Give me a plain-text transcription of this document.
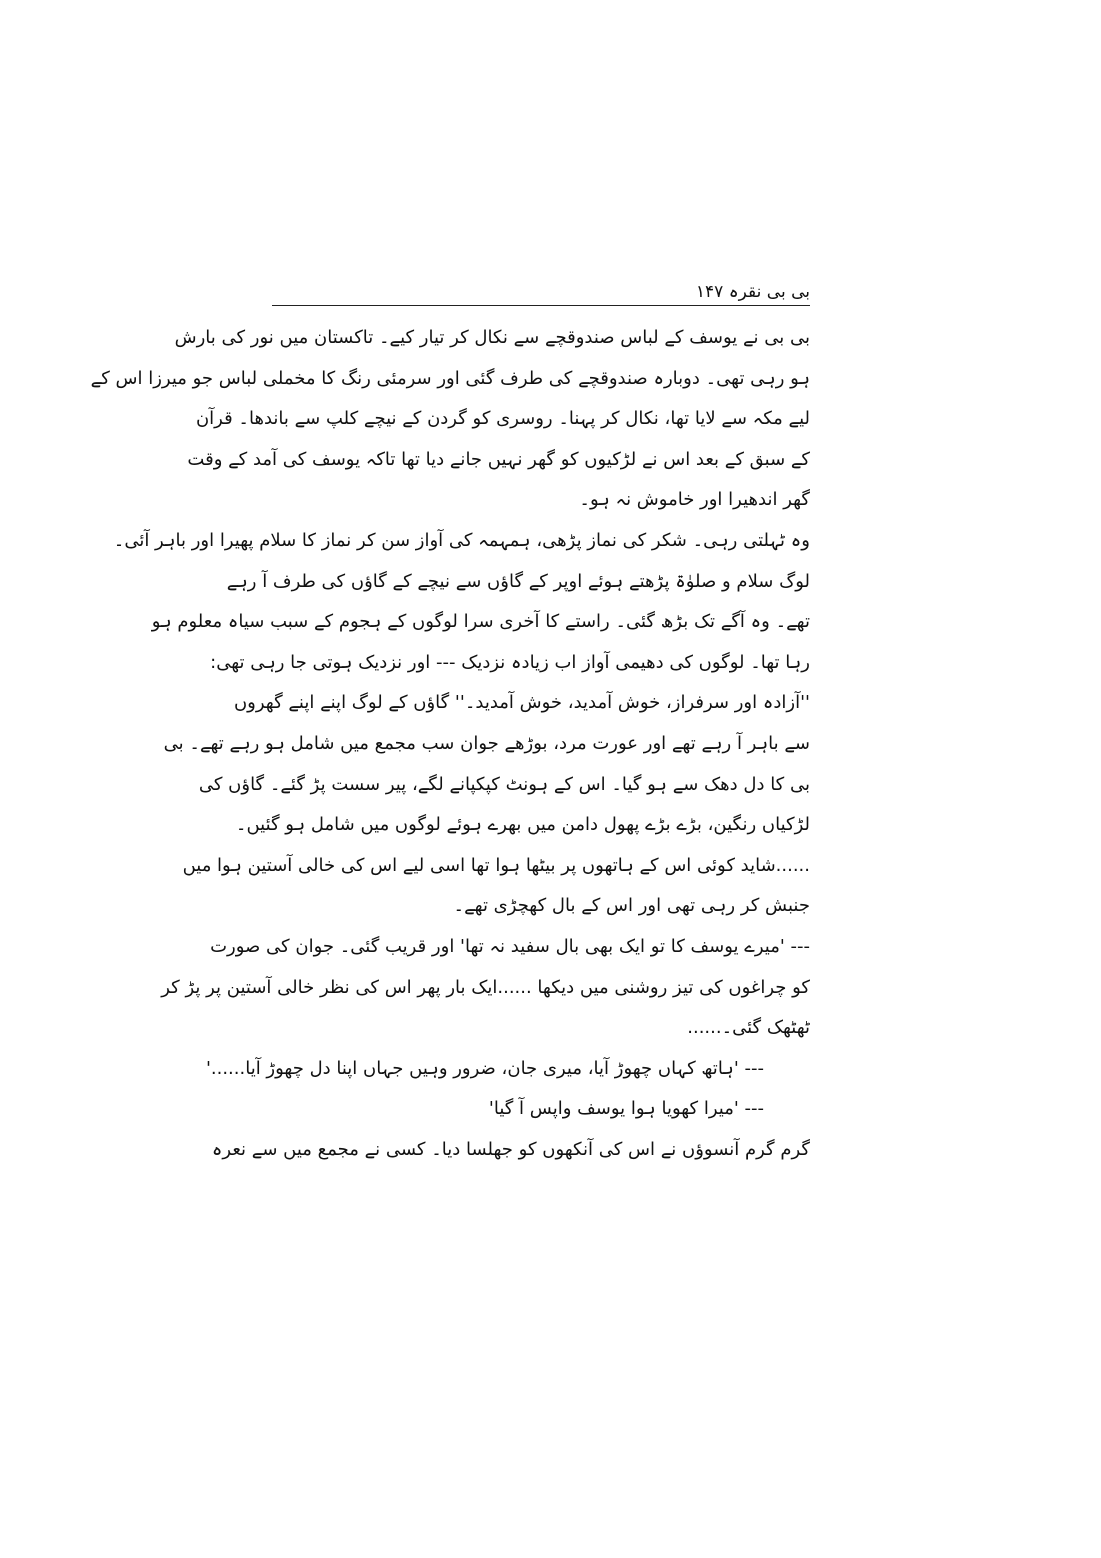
بی بی نقرہ ۱۴۷
بی بی نے یوسف کے لباس صندوقچے سے نکال کر تیار کیے۔ تاکستان میں نور کی بارش
ہو رہی تھی۔ دوبارہ صندوقچے کی طرف گئی اور سرمئی رنگ کا مخملی لباس جو میرزا اس کے
لیے مکہ سے لایا تھا، نکال کر پہنا۔ روسری کو گردن کے نیچے کلپ سے باندھا۔ قرآن
کے سبق کے بعد اس نے لڑکیوں کو گھر نہیں جانے دیا تھا تاکہ یوسف کی آمد کے وقت
گھر اندھیرا اور خاموش نہ ہو۔
وہ ٹہلتی رہی۔ شکر کی نماز پڑھی، ہمہمہ کی آواز سن کر نماز کا سلام پھیرا اور باہر آئی۔
لوگ سلام و صلوٰۃ پڑھتے ہوئے اوپر کے گاؤں سے نیچے کے گاؤں کی طرف آ رہے
تھے۔ وہ آگے تک بڑھ گئی۔ راستے کا آخری سرا لوگوں کے ہجوم کے سبب سیاہ معلوم ہو
رہا تھا۔ لوگوں کی دھیمی آواز اب زیادہ نزدیک --- اور نزدیک ہوتی جا رہی تھی:
''آزادہ اور سرفراز، خوش آمدید، خوش آمدید۔'' گاؤں کے لوگ اپنے اپنے گھروں
سے باہر آ رہے تھے اور عورت مرد، بوڑھے جوان سب مجمع میں شامل ہو رہے تھے۔ بی
بی کا دل دھک سے ہو گیا۔ اس کے ہونٹ کپکپانے لگے، پیر سست پڑ گئے۔ گاؤں کی
لڑکیاں رنگین، بڑے بڑے پھول دامن میں بھرے ہوئے لوگوں میں شامل ہو گئیں۔
......شاید کوئی اس کے ہاتھوں پر بیٹھا ہوا تھا اسی لیے اس کی خالی آستین ہوا میں
جنبش کر رہی تھی اور اس کے بال کھچڑی تھے۔
--- 'میرے یوسف کا تو ایک بھی بال سفید نہ تھا' اور قریب گئی۔ جوان کی صورت
کو چراغوں کی تیز روشنی میں دیکھا ......ایک بار پھر اس کی نظر خالی آستین پر پڑ کر
ٹھٹھک گئی۔......
--- 'ہاتھ کہاں چھوڑ آیا، میری جان، ضرور وہیں جہاں اپنا دل چھوڑ آیا......'
--- 'میرا کھویا ہوا یوسف واپس آ گیا'
گرم گرم آنسوؤں نے اس کی آنکھوں کو جھلسا دیا۔ کسی نے مجمع میں سے نعرہ
